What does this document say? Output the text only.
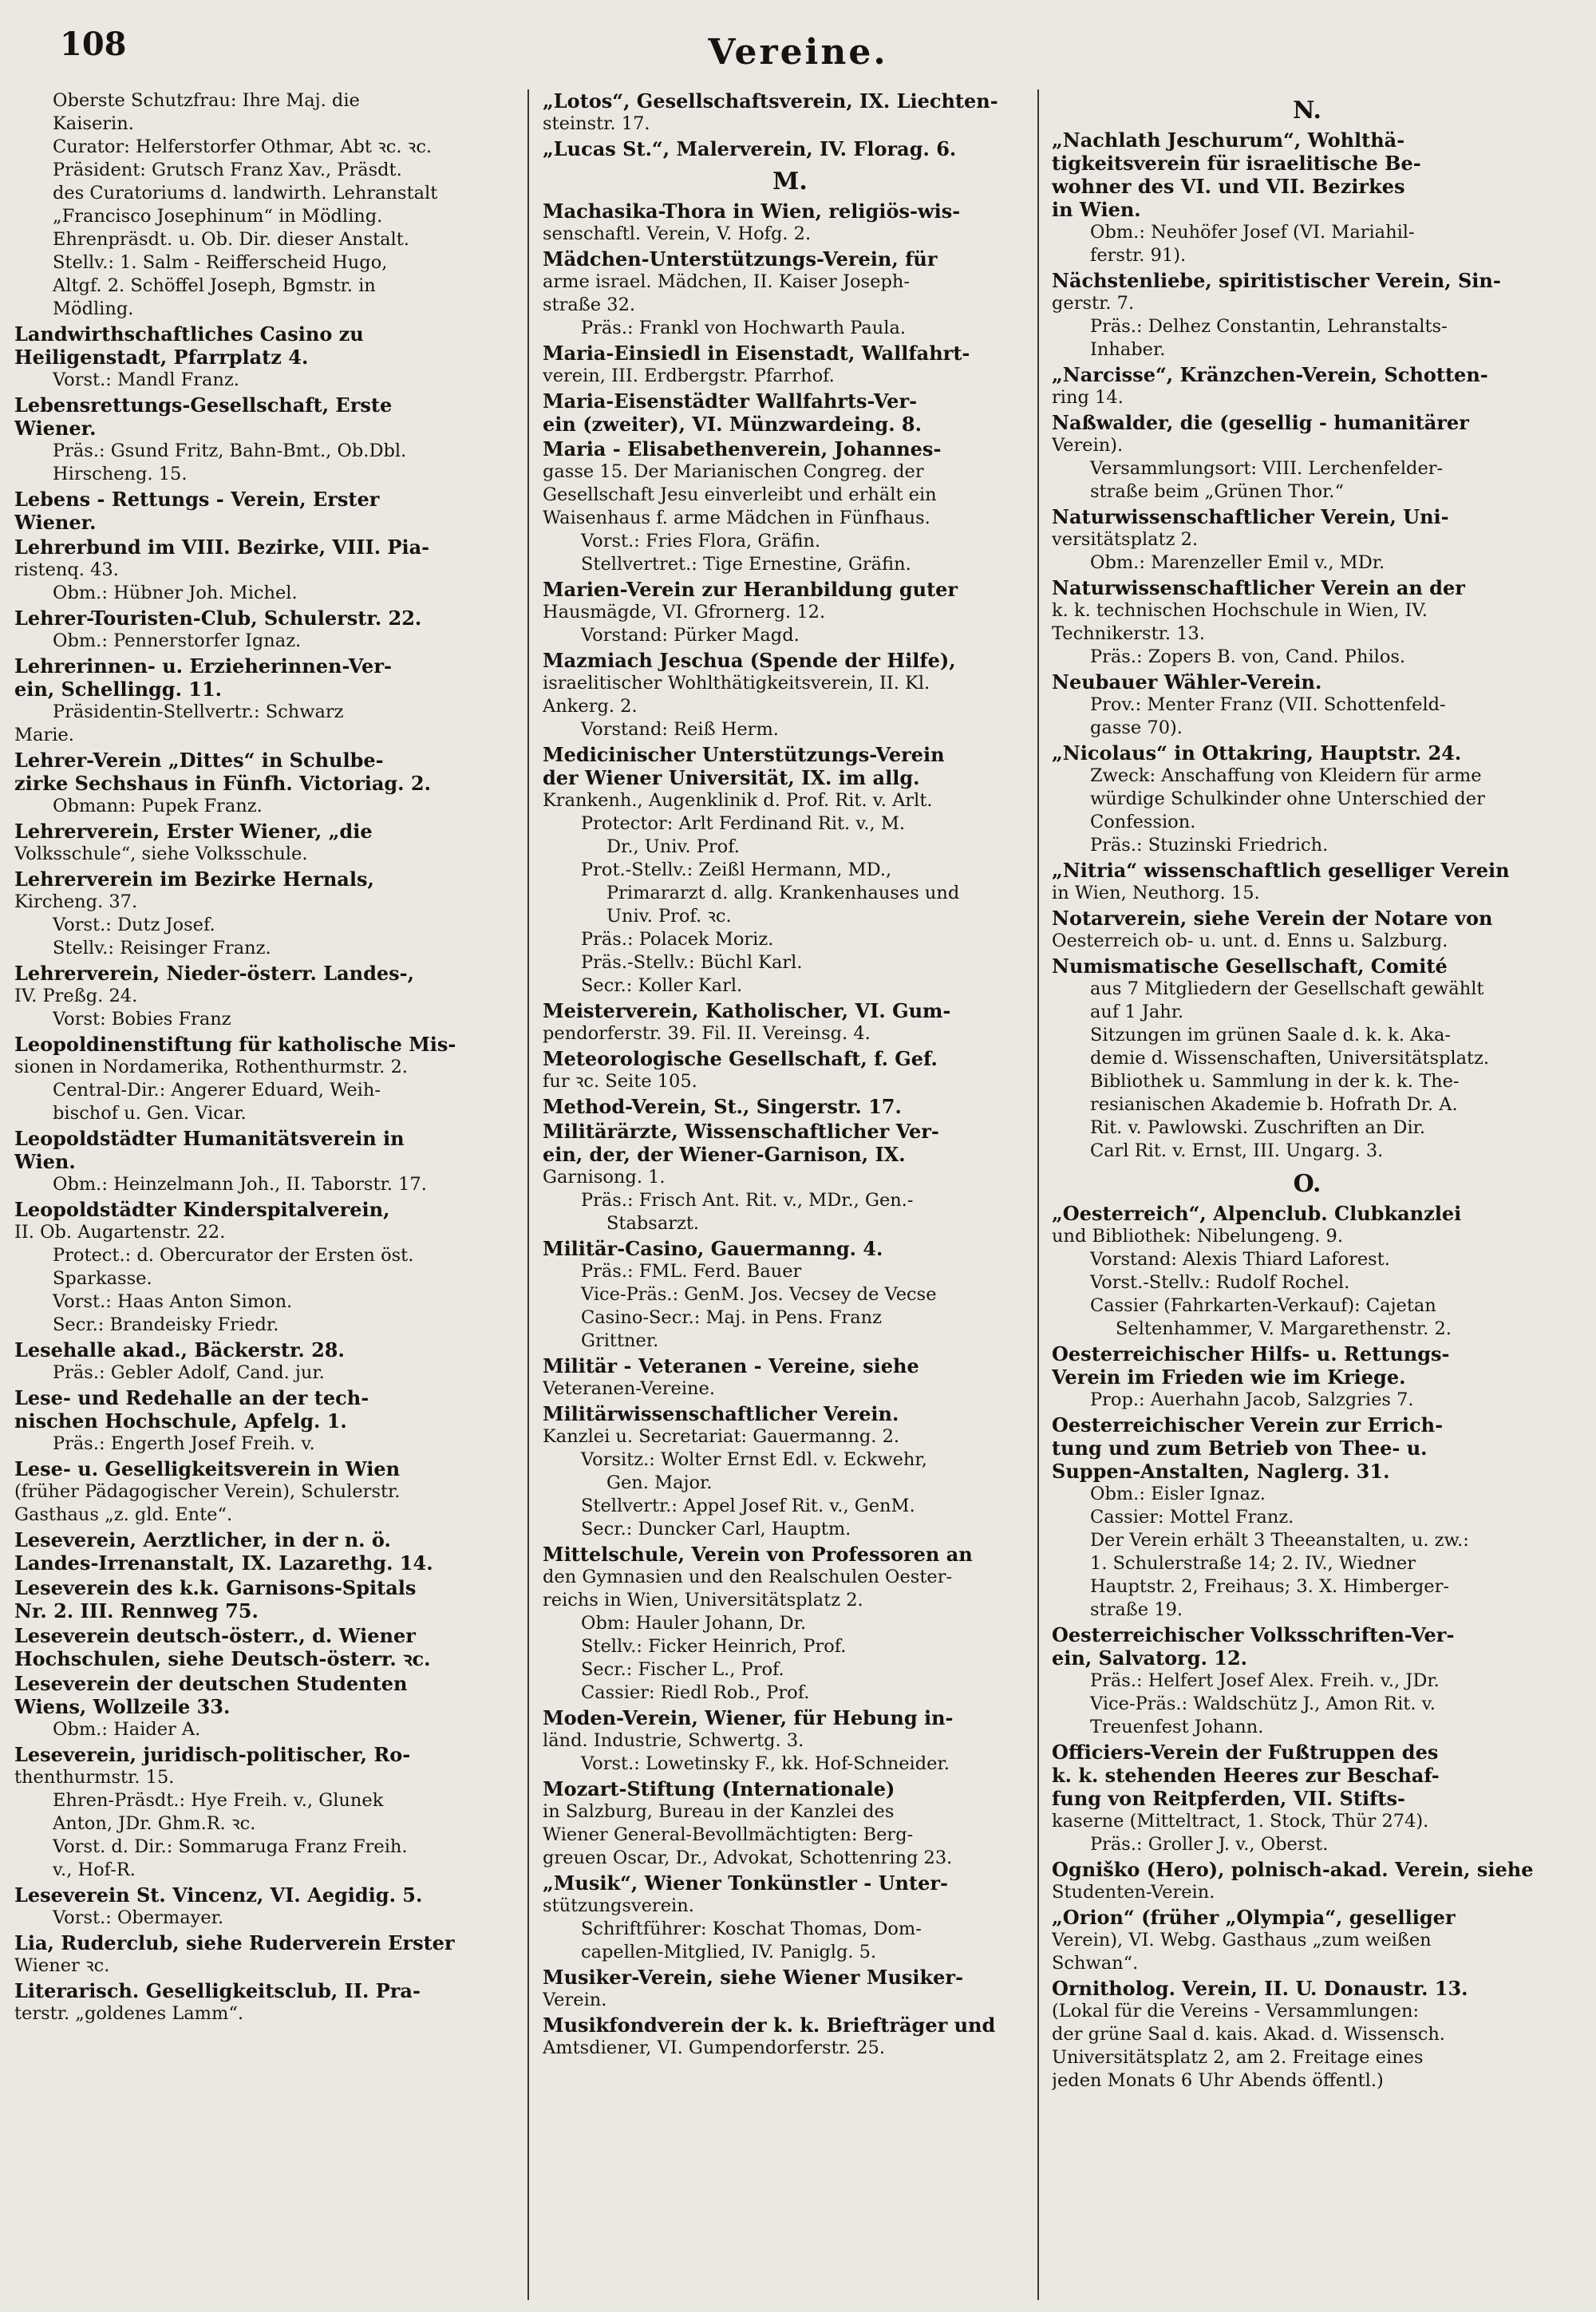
108	Vereine.
Oberste Schutzfrau: Ihre Maj. die
Kaiserin.
Curator: Helferstorfer Othmar, Abt ꝛc. ꝛc.
Präsident: Grutsch Franz Xav., Präsdt.
des Curatoriums d. landwirth. Lehranstalt
„Francisco Josephinum“ in Mödling.
Ehrenpräsdt. u. Ob. Dir. dieser Anstalt.
Stellv.: 1. Salm - Reifferscheid Hugo,
Altgf. 2. Schöffel Joseph, Bgmstr. in
Mödling.
Landwirthschaftliches Casino zu
Heiligenstadt, Pfarrplatz 4.
Vorst.: Mandl Franz.
Lebensrettungs-Gesellschaft, Erste
Wiener.
Präs.: Gsund Fritz, Bahn-Bmt., Ob.Dbl.
Hirscheng. 15.
Lebens - Rettungs - Verein, Erster
Wiener.
Lehrerbund im VIII. Bezirke, VIII. Pia-
ristenq. 43.
Obm.: Hübner Joh. Michel.
Lehrer-Touristen-Club, Schulerstr. 22.
Obm.: Pennerstorfer Ignaz.
Lehrerinnen- u. Erzieherinnen-Ver-
ein, Schellingg. 11.
Präsidentin-Stellvertr.: Schwarz
Marie.
Lehrer-Verein „Dittes“ in Schulbe-
zirke Sechshaus in Fünfh. Victoriag. 2.
Obmann: Pupek Franz.
Lehrerverein, Erster Wiener, „die
Volksschule“, siehe Volksschule.
Lehrerverein im Bezirke Hernals,
Kircheng. 37.
Vorst.: Dutz Josef.
Stellv.: Reisinger Franz.
Lehrerverein, Nieder-österr. Landes-,
IV. Preßg. 24.
Vorst: Bobies Franz
Leopoldinenstiftung für katholische Mis-
sionen in Nordamerika, Rothenthurmstr. 2.
Central-Dir.: Angerer Eduard, Weih-
bischof u. Gen. Vicar.
Leopoldstädter Humanitätsverein in
Wien.
Obm.: Heinzelmann Joh., II. Taborstr. 17.
Leopoldstädter Kinderspitalverein,
II. Ob. Augartenstr. 22.
Protect.: d. Obercurator der Ersten öst.
Sparkasse.
Vorst.: Haas Anton Simon.
Secr.: Brandeisky Friedr.
Lesehalle akad., Bäckerstr. 28.
Präs.: Gebler Adolf, Cand. jur.
Lese- und Redehalle an der tech-
nischen Hochschule, Apfelg. 1.
Präs.: Engerth Josef Freih. v.
Lese- u. Geselligkeitsverein in Wien
(früher Pädagogischer Verein), Schulerstr.
Gasthaus „z. gld. Ente“.
Leseverein, Aerztlicher, in der n. ö.
Landes-Irrenanstalt, IX. Lazarethg. 14.
Leseverein des k.k. Garnisons-Spitals
Nr. 2. III. Rennweg 75.
Leseverein deutsch-österr., d. Wiener
Hochschulen, siehe Deutsch-österr. ꝛc.
Leseverein der deutschen Studenten
Wiens, Wollzeile 33.
Obm.: Haider A.
Leseverein, juridisch-politischer, Ro-
thenthurmstr. 15.
Ehren-Präsdt.: Hye Freih. v., Glunek
Anton, JDr. Ghm.R. ꝛc.
Vorst. d. Dir.: Sommaruga Franz Freih.
v., Hof-R.
Leseverein St. Vincenz, VI. Aegidig. 5.
Vorst.: Obermayer.
Lia, Ruderclub, siehe Ruderverein Erster
Wiener ꝛc.
Literarisch. Geselligkeitsclub, II. Pra-
terstr. „goldenes Lamm“.
„Lotos“, Gesellschaftsverein, IX. Liechten-
steinstr. 17.
„Lucas St.“, Malerverein, IV. Florag. 6.
M.
Machasika-Thora in Wien, religiös-wis-
senschaftl. Verein, V. Hofg. 2.
Mädchen-Unterstützungs-Verein, für
arme israel. Mädchen, II. Kaiser Joseph-
straße 32.
Präs.: Frankl von Hochwarth Paula.
Maria-Einsiedl in Eisenstadt, Wallfahrt-
verein, III. Erdbergstr. Pfarrhof.
Maria-Eisenstädter Wallfahrts-Ver-
ein (zweiter), VI. Münzwardeing. 8.
Maria - Elisabethenverein, Johannes-
gasse 15. Der Marianischen Congreg. der
Gesellschaft Jesu einverleibt und erhält ein
Waisenhaus f. arme Mädchen in Fünfhaus.
Vorst.: Fries Flora, Gräfin.
Stellvertret.: Tige Ernestine, Gräfin.
Marien-Verein zur Heranbildung guter
Hausmägde, VI. Gfrornerg. 12.
Vorstand: Pürker Magd.
Mazmiach Jeschua (Spende der Hilfe),
israelitischer Wohlthätigkeitsverein, II. Kl.
Ankerg. 2.
Vorstand: Reiß Herm.
Medicinischer Unterstützungs-Verein
der Wiener Universität, IX. im allg.
Krankenh., Augenklinik d. Prof. Rit. v. Arlt.
Protector: Arlt Ferdinand Rit. v., M.
Dr., Univ. Prof.
Prot.-Stellv.: Zeißl Hermann, MD.,
Primararzt d. allg. Krankenhauses und
Univ. Prof. ꝛc.
Präs.: Polacek Moriz.
Präs.-Stellv.: Büchl Karl.
Secr.: Koller Karl.
Meisterverein, Katholischer, VI. Gum-
pendorferstr. 39. Fil. II. Vereinsg. 4.
Meteorologische Gesellschaft, f. Gef.
fur ꝛc. Seite 105.
Method-Verein, St., Singerstr. 17.
Militärärzte, Wissenschaftlicher Ver-
ein, der, der Wiener-Garnison, IX.
Garnisong. 1.
Präs.: Frisch Ant. Rit. v., MDr., Gen.-
Stabsarzt.
Militär-Casino, Gauermanng. 4.
Präs.: FML. Ferd. Bauer
Vice-Präs.: GenM. Jos. Vecsey de Vecse
Casino-Secr.: Maj. in Pens. Franz
Grittner.
Militär - Veteranen - Vereine, siehe
Veteranen-Vereine.
Militärwissenschaftlicher Verein.
Kanzlei u. Secretariat: Gauermanng. 2.
Vorsitz.: Wolter Ernst Edl. v. Eckwehr,
Gen. Major.
Stellvertr.: Appel Josef Rit. v., GenM.
Secr.: Duncker Carl, Hauptm.
Mittelschule, Verein von Professoren an
den Gymnasien und den Realschulen Oester-
reichs in Wien, Universitätsplatz 2.
Obm: Hauler Johann, Dr.
Stellv.: Ficker Heinrich, Prof.
Secr.: Fischer L., Prof.
Cassier: Riedl Rob., Prof.
Moden-Verein, Wiener, für Hebung in-
länd. Industrie, Schwertg. 3.
Vorst.: Lowetinsky F., kk. Hof-Schneider.
Mozart-Stiftung (Internationale)
in Salzburg, Bureau in der Kanzlei des
Wiener General-Bevollmächtigten: Berg-
greuen Oscar, Dr., Advokat, Schottenring 23.
„Musik“, Wiener Tonkünstler - Unter-
stützungsverein.
Schriftführer: Koschat Thomas, Dom-
capellen-Mitglied, IV. Paniglg. 5.
Musiker-Verein, siehe Wiener Musiker-
Verein.
Musikfondverein der k. k. Briefträger und
Amtsdiener, VI. Gumpendorferstr. 25.
N.
„Nachlath Jeschurum“, Wohlthä-
tigkeitsverein für israelitische Be-
wohner des VI. und VII. Bezirkes
in Wien.
Obm.: Neuhöfer Josef (VI. Mariahil-
ferstr. 91).
Nächstenliebe, spiritistischer Verein, Sin-
gerstr. 7.
Präs.: Delhez Constantin, Lehranstalts-
Inhaber.
„Narcisse“, Kränzchen-Verein, Schotten-
ring 14.
Naßwalder, die (gesellig - humanitärer
Verein).
Versammlungsort: VIII. Lerchenfelder-
straße beim „Grünen Thor.“
Naturwissenschaftlicher Verein, Uni-
versitätsplatz 2.
Obm.: Marenzeller Emil v., MDr.
Naturwissenschaftlicher Verein an der
k. k. technischen Hochschule in Wien, IV.
Technikerstr. 13.
Präs.: Zopers B. von, Cand. Philos.
Neubauer Wähler-Verein.
Prov.: Menter Franz (VII. Schottenfeld-
gasse 70).
„Nicolaus“ in Ottakring, Hauptstr. 24.
Zweck: Anschaffung von Kleidern für arme
würdige Schulkinder ohne Unterschied der
Confession.
Präs.: Stuzinski Friedrich.
„Nitria“ wissenschaftlich geselliger Verein
in Wien, Neuthorg. 15.
Notarverein, siehe Verein der Notare von
Oesterreich ob- u. unt. d. Enns u. Salzburg.
Numismatische Gesellschaft, Comité
aus 7 Mitgliedern der Gesellschaft gewählt
auf 1 Jahr.
Sitzungen im grünen Saale d. k. k. Aka-
demie d. Wissenschaften, Universitätsplatz.
Bibliothek u. Sammlung in der k. k. The-
resianischen Akademie b. Hofrath Dr. A.
Rit. v. Pawlowski. Zuschriften an Dir.
Carl Rit. v. Ernst, III. Ungarg. 3.
O.
„Oesterreich“, Alpenclub. Clubkanzlei
und Bibliothek: Nibelungeng. 9.
Vorstand: Alexis Thiard Laforest.
Vorst.-Stellv.: Rudolf Rochel.
Cassier (Fahrkarten-Verkauf): Cajetan
Seltenhammer, V. Margarethenstr. 2.
Oesterreichischer Hilfs- u. Rettungs-
Verein im Frieden wie im Kriege.
Prop.: Auerhahn Jacob, Salzgries 7.
Oesterreichischer Verein zur Errich-
tung und zum Betrieb von Thee- u.
Suppen-Anstalten, Naglerg. 31.
Obm.: Eisler Ignaz.
Cassier: Mottel Franz.
Der Verein erhält 3 Theeanstalten, u. zw.:
1. Schulerstraße 14; 2. IV., Wiedner
Hauptstr. 2, Freihaus; 3. X. Himberger-
straße 19.
Oesterreichischer Volksschriften-Ver-
ein, Salvatorg. 12.
Präs.: Helfert Josef Alex. Freih. v., JDr.
Vice-Präs.: Waldschütz J., Amon Rit. v.
Treuenfest Johann.
Officiers-Verein der Fußtruppen des
k. k. stehenden Heeres zur Beschaf-
fung von Reitpferden, VII. Stifts-
kaserne (Mitteltract, 1. Stock, Thür 274).
Präs.: Groller J. v., Oberst.
Ogniško (Hero), polnisch-akad. Verein, siehe
Studenten-Verein.
„Orion“ (früher „Olympia“, geselliger
Verein), VI. Webg. Gasthaus „zum weißen
Schwan“.
Ornitholog. Verein, II. U. Donaustr. 13.
(Lokal für die Vereins - Versammlungen:
der grüne Saal d. kais. Akad. d. Wissensch.
Universitätsplatz 2, am 2. Freitage eines
jeden Monats 6 Uhr Abends öffentl.)
